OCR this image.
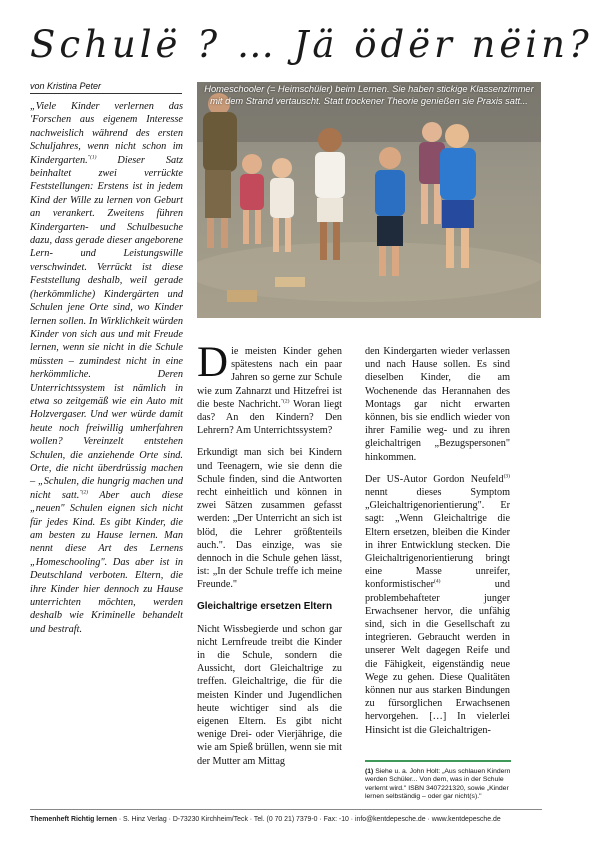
Schulë ? … Jä ödër nëin?
von Kristina Peter

„Viele Kinder verlernen das 'Forschen aus eigenem Interesse nachweislich während des ersten Schuljahres, wenn nicht schon im Kindergarten.$^{"(1)}$ Dieser Satz beinhaltet zwei verrückte Feststellungen: Erstens ist in jedem Kind der Wille zu lernen von Geburt an verankert. Zweitens führen Kindergarten- und Schulbesuche dazu, dass gerade dieser angeborene Lern- und Leistungswille verschwindet. Verrückt ist diese Feststellung deshalb, weil gerade (herkömmliche) Kindergärten und Schulen jene Orte sind, wo Kinder lernen sollen. In Wirklichkeit würden Kinder von sich aus und mit Freude lernen, wenn sie nicht in die Schule müssten – zumindest nicht in eine herkömmliche. Deren Unterrichtssystem ist nämlich in etwa so zeitgemäß wie ein Auto mit Holzvergaser. Und wer würde damit heute noch freiwillig umherfahren wollen? Vereinzelt entstehen Schulen, die anziehende Orte sind. Orte, die nicht überdrüssig machen – „Schulen, die hungrig machen und nicht satt.$^{"(2)}$ Aber auch diese „neuen" Schulen eignen sich nicht für jedes Kind. Es gibt Kinder, die am besten zu Hause lernen. Man nennt diese Art des Lernens „Homeschooling". Das aber ist in Deutschland verboten. Eltern, die ihre Kinder hier dennoch zu Hause unterrichten möchten, werden deshalb wie Kriminelle behandelt und bestraft.

Homeschooler (= Heimschüler) beim Lernen. Sie haben stickige Klassenzimmer mit dem Strand vertauscht. Statt trockener Theorie genießen sie Praxis satt...

Die meisten Kinder gehen spätestens nach ein paar Jahren so gerne zur Schule wie zum Zahnarzt und Hitzefrei ist die beste Nachricht.$^{"(2)}$ Woran liegt das? An den Kindern? Den Lehrern? Am Unterrichtssystem?

Erkundigt man sich bei Kindern und Teenagern, wie sie denn die Schule finden, sind die Antworten recht einheitlich und können in zwei Sätzen zusammen gefasst werden: „Der Unterricht an sich ist blöd, die Lehrer größtenteils auch.". Das einzige, was sie dennoch in die Schule gehen lässt, ist: „In der Schule treffe ich meine Freunde."

Gleichaltrige ersetzen Eltern

Nicht Wissbegierde und schon gar nicht Lernfreude treibt die Kinder in die Schule, sondern die Aussicht, dort Gleichaltrige zu treffen. Gleichaltrige, die für die meisten Kinder und Jugendlichen heute wichtiger sind als die eigenen Eltern. Es gibt nicht wenige Drei- oder Vierjährige, die wie am Spieß brüllen, wenn sie mit der Mutter am Mittag

den Kindergarten wieder verlassen und nach Hause sollen. Es sind dieselben Kinder, die am Wochenende das Herannahen des Montags gar nicht erwarten können, bis sie endlich wieder von ihrer Familie weg- und zu ihren gleichaltrigen „Bezugspersonen" hinkommen.

Der US-Autor Gordon Neufeld$^{(3)}$ nennt dieses Symptom „Gleichaltrigenorientierung". Er sagt: „Wenn Gleichaltrige die Eltern ersetzen, bleiben die Kinder in ihrer Entwicklung stecken. Die Gleichaltrigenorientierung bringt eine Masse unreifer, konformistischer$^{(4)}$ und problembehafteter junger Erwachsener hervor, die unfähig sind, sich in die Gesellschaft zu integrieren. Gebraucht werden in unserer Welt dagegen Reife und die Fähigkeit, eigenständig neue Wege zu gehen. Diese Qualitäten können nur aus starken Bindungen zu fürsorglichen Erwachsenen hervorgehen. […] In vielerlei Hinsicht ist die Gleichaltrigen-

(1) Siehe u. a. John Holt: „Aus schlauen Kindern werden Schüler... Von dem, was in der Schule verlernt wird." ISBN 3407221320, sowie „Kinder lernen selbständig – oder gar nicht(s)."
Themenheft Richtig lernen · S. Hinz Verlag · D-73230 Kirchheim/Teck · Tel. (0 70 21) 7379-0 · Fax: -10 · info@kentdepesche.de · www.kentdepesche.de
